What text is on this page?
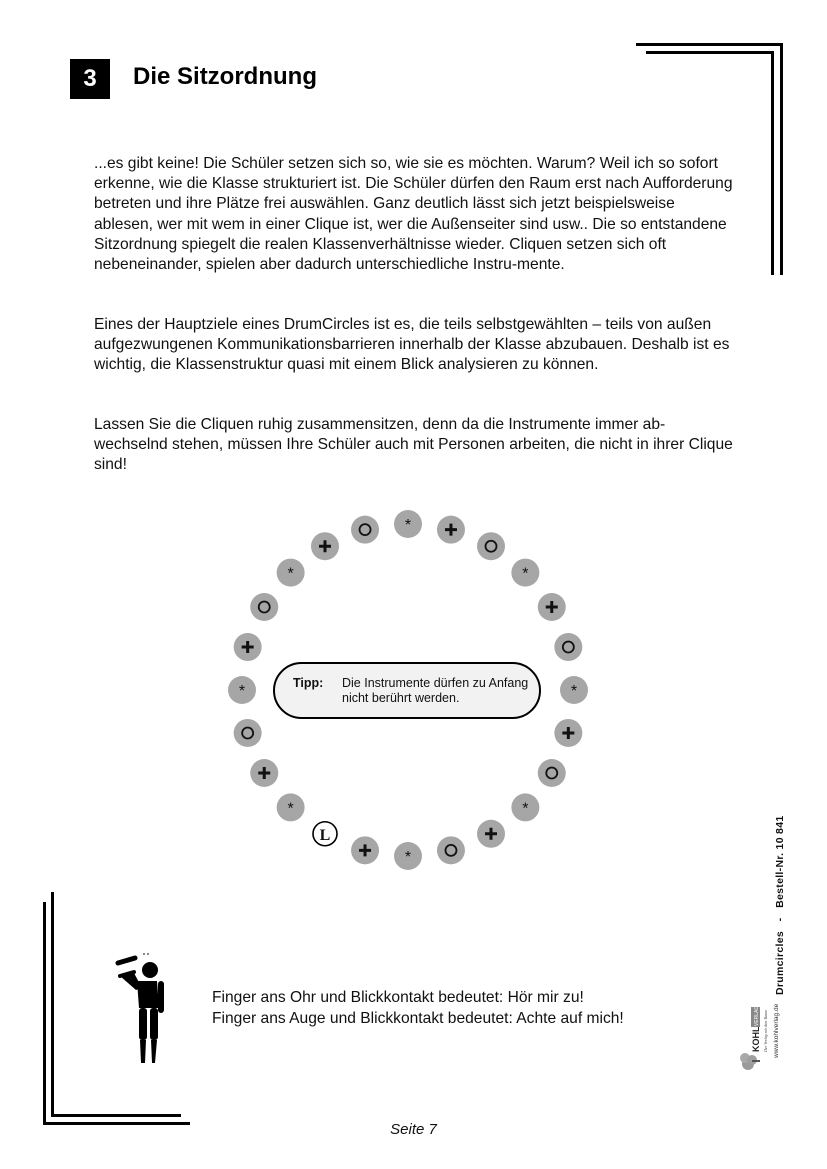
3	Die Sitzordnung

...es gibt keine! Die Schüler setzen sich so, wie sie es möchten. Warum? Weil ich so sofort erkenne, wie die Klasse strukturiert ist. Die Schüler dürfen den Raum erst nach Aufforderung betreten und ihre Plätze frei auswählen. Ganz deutlich lässt sich jetzt beispielsweise ablesen, wer mit wem in einer Clique ist, wer die Außenseiter sind usw.. Die so entstandene Sitzordnung spiegelt die realen Klassenverhältnisse wieder. Cliquen setzen sich oft nebeneinander, spielen aber dadurch unterschiedliche Instru-mente.

Eines der Hauptziele eines DrumCircles ist es, die teils selbstgewählten – teils von außen aufgezwungenen Kommunikationsbarrieren innerhalb der Klasse abzubauen. Deshalb ist es wichtig, die Klassenstruktur quasi mit einem Blick analysieren zu können.

Lassen Sie die Cliquen ruhig zusammensitzen, denn da die Instrumente immer ab-wechselnd stehen, müssen Ihre Schüler auch mit Personen arbeiten, die nicht in ihrer Clique sind!

*
*
*
*
*
L
*
*
*
Tipp: Die Instrumente dürfen zu Anfang nicht berührt werden.
Finger ans Ohr und Blickkontakt bedeutet: Hör mir zu!
Finger ans Auge und Blickkontakt bedeutet: Achte auf mich!
Drumcircles   -   Bestell-Nr. 10 841
KOHL
VERLAG Der Verlag mit dem Baum www.kohlverlag.de
Seite 7
